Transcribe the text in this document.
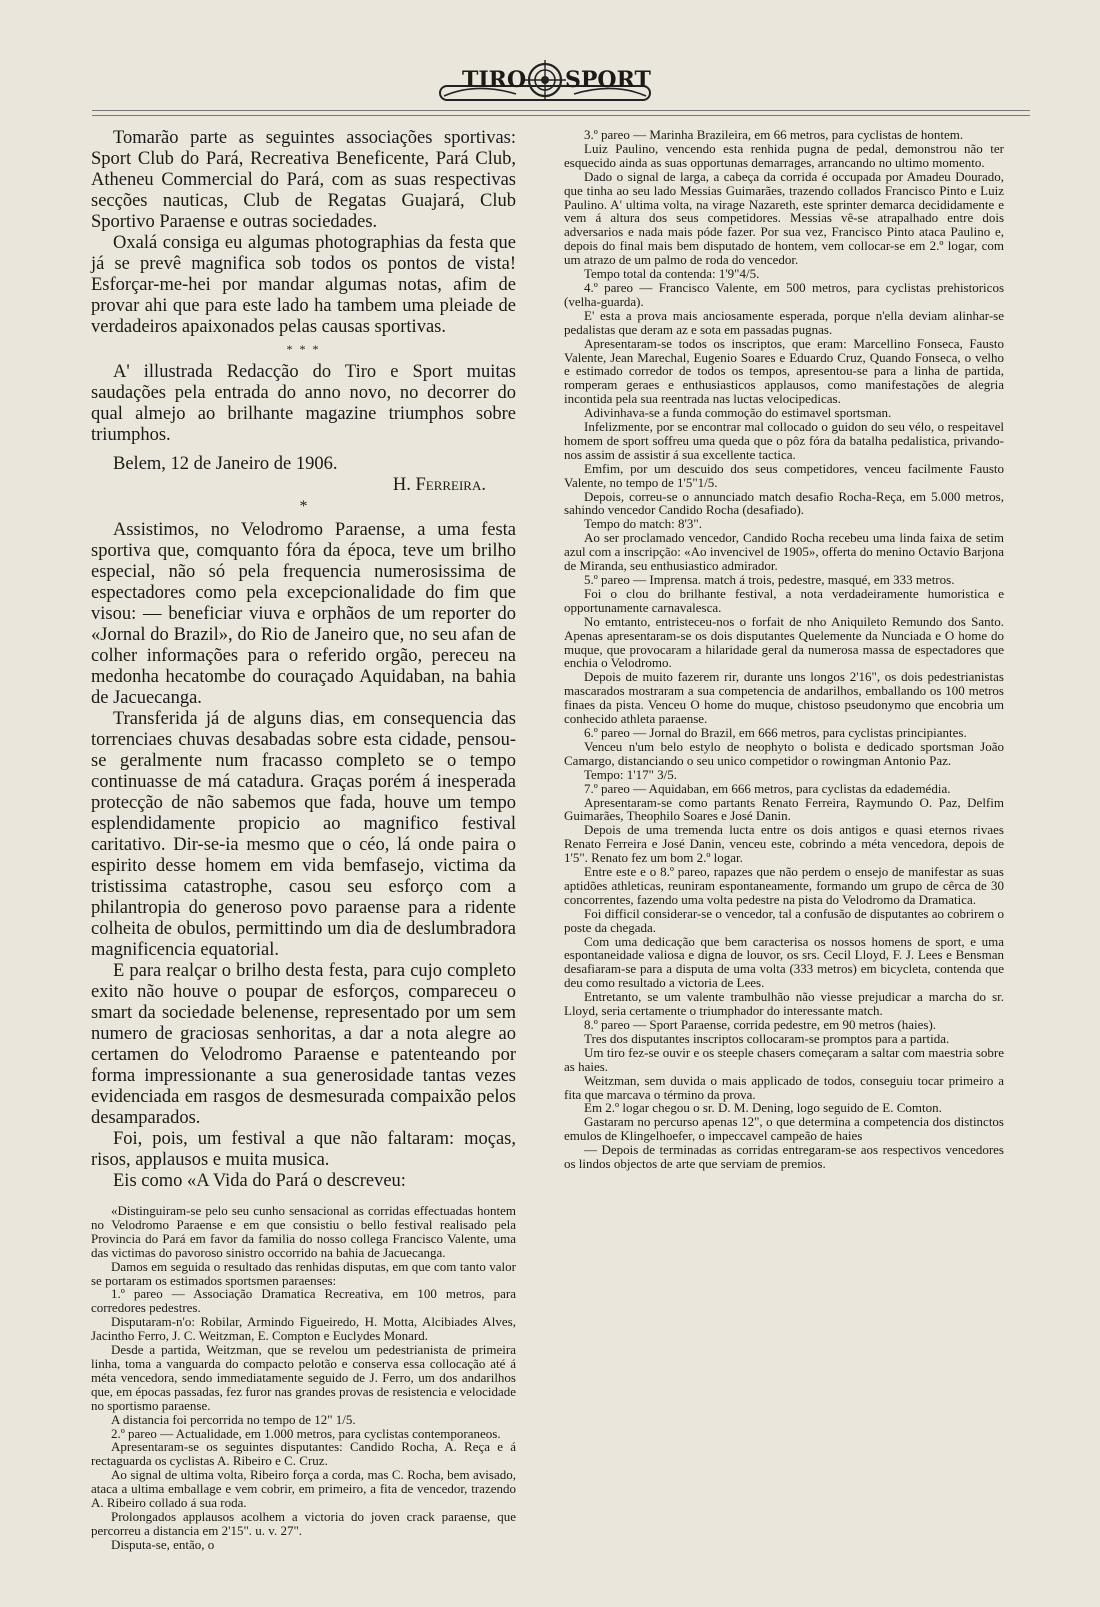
TIRO SPORT

Tomarão parte as seguintes associações sportivas: Sport Club do Pará, Recreativa Beneficente, Pará Club, Atheneu Commercial do Pará, com as suas respectivas secções nauticas, Club de Regatas Guajará, Club Sportivo Paraense e outras sociedades.

Oxalá consiga eu algumas photographias da festa que já se prevê magnifica sob todos os pontos de vista! Esforçar-me-hei por mandar algumas notas, afim de provar ahi que para este lado ha tambem uma pleiade de verdadeiros apaixonados pelas causas sportivas.

* * *

A' illustrada Redacção do Tiro e Sport muitas saudações pela entrada do anno novo, no decorrer do qual almejo ao brilhante magazine triumphos sobre triumphos.

Belem, 12 de Janeiro de 1906.

H. Ferreira.

*

Assistimos, no Velodromo Paraense, a uma festa sportiva que, comquanto fóra da época, teve um brilho especial, não só pela frequencia numerosissima de espectadores como pela excepcionalidade do fim que visou: — beneficiar viuva e orphãos de um reporter do «Jornal do Brazil», do Rio de Janeiro que, no seu afan de colher informações para o referido orgão, pereceu na medonha hecatombe do couraçado Aquidaban, na bahia de Jacuecanga.

Transferida já de alguns dias, em consequencia das torrenciaes chuvas desabadas sobre esta cidade, pensou-se geralmente num fracasso completo se o tempo continuasse de má catadura. Graças porém á inesperada protecção de não sabemos que fada, houve um tempo esplendidamente propicio ao magnifico festival caritativo. Dir-se-ia mesmo que o céo, lá onde paira o espirito desse homem em vida bemfasejo, victima da tristissima catastrophe, casou seu esforço com a philantropia do generoso povo paraense para a ridente colheita de obulos, permittindo um dia de deslumbradora magnificencia equatorial.

E para realçar o brilho desta festa, para cujo completo exito não houve o poupar de esforços, compareceu o smart da sociedade belenense, representado por um sem numero de graciosas senhoritas, a dar a nota alegre ao certamen do Velodromo Paraense e patenteando por forma impressionante a sua generosidade tantas vezes evidenciada em rasgos de desmesurada compaixão pelos desamparados.

Foi, pois, um festival a que não faltaram: moças, risos, applausos e muita musica.

Eis como «A Vida do Pará o descreveu:

«Distinguiram-se pelo seu cunho sensacional as corridas effectuadas hontem no Velodromo Paraense e em que consistiu o bello festival realisado pela Provincia do Pará em favor da familia do nosso collega Francisco Valente, uma das victimas do pavoroso sinistro occorrido na bahia de Jacuecanga.

Damos em seguida o resultado das renhidas disputas, em que com tanto valor se portaram os estimados sportsmen paraenses:

1.º pareo — Associação Dramatica Recreativa, em 100 metros, para corredores pedestres.

Disputaram-n'o: Robilar, Armindo Figueiredo, H. Motta, Alcibiades Alves, Jacintho Ferro, J. C. Weitzman, E. Compton e Euclydes Monard.

Desde a partida, Weitzman, que se revelou um pedestrianista de primeira linha, toma a vanguarda do compacto pelotão e conserva essa collocação até á méta vencedora, sendo immediatamente seguido de J. Ferro, um dos andarilhos que, em épocas passadas, fez furor nas grandes provas de resistencia e velocidade no sportismo paraense.

A distancia foi percorrida no tempo de 12" 1/5.

2.º pareo — Actualidade, em 1.000 metros, para cyclistas contemporaneos.

Apresentaram-se os seguintes disputantes: Candido Rocha, A. Reça e á rectaguarda os cyclistas A. Ribeiro e C. Cruz.

Ao signal de ultima volta, Ribeiro força a corda, mas C. Rocha, bem avisado, ataca a ultima emballage e vem cobrir, em primeiro, a fita de vencedor, trazendo A. Ribeiro collado á sua roda.

Prolongados applausos acolhem a victoria do joven crack paraense, que percorreu a distancia em 2'15". u. v. 27".

Disputa-se, então, o

3.º pareo — Marinha Brazileira, em 66 metros, para cyclistas de hontem.

Luiz Paulino, vencendo esta renhida pugna de pedal, demonstrou não ter esquecido ainda as suas opportunas demarrages, arrancando no ultimo momento.

Dado o signal de larga, a cabeça da corrida é occupada por Amadeu Dourado, que tinha ao seu lado Messias Guimarães, trazendo collados Francisco Pinto e Luiz Paulino. A' ultima volta, na virage Nazareth, este sprinter demarca decididamente e vem á altura dos seus competidores. Messias vê-se atrapalhado entre dois adversarios e nada mais póde fazer. Por sua vez, Francisco Pinto ataca Paulino e, depois do final mais bem disputado de hontem, vem collocar-se em 2.º logar, com um atrazo de um palmo de roda do vencedor.

Tempo total da contenda: 1'9"4/5.

4.º pareo — Francisco Valente, em 500 metros, para cyclistas prehistoricos (velha-guarda).

E' esta a prova mais anciosamente esperada, porque n'ella deviam alinhar-se pedalistas que deram az e sota em passadas pugnas.

Apresentaram-se todos os inscriptos, que eram: Marcellino Fonseca, Fausto Valente, Jean Marechal, Eugenio Soares e Eduardo Cruz, Quando Fonseca, o velho e estimado corredor de todos os tempos, apresentou-se para a linha de partida, romperam geraes e enthusiasticos applausos, como manifestações de alegria incontida pela sua reentrada nas luctas velocipedicas.

Adivinhava-se a funda commoção do estimavel sportsman.

Infelizmente, por se encontrar mal collocado o guidon do seu vélo, o respeitavel homem de sport soffreu uma queda que o pôz fóra da batalha pedalistica, privando-nos assim de assistir á sua excellente tactica.

Emfim, por um descuido dos seus competidores, venceu facilmente Fausto Valente, no tempo de 1'5"1/5.

Depois, correu-se o annunciado match desafio Rocha-Reça, em 5.000 metros, sahindo vencedor Candido Rocha (desafiado).

Tempo do match: 8'3".

Ao ser proclamado vencedor, Candido Rocha recebeu uma linda faixa de setim azul com a inscripção: «Ao invencivel de 1905», offerta do menino Octavio Barjona de Miranda, seu enthusiastico admirador.

5.º pareo — Imprensa. match á trois, pedestre, masqué, em 333 metros.

Foi o clou do brilhante festival, a nota verdadeiramente humoristica e opportunamente carnavalesca.

No emtanto, entristeceu-nos o forfait de nho Aniquileto Remundo dos Santo. Apenas apresentaram-se os dois disputantes Quelemente da Nunciada e O home do muque, que provocaram a hilaridade geral da numerosa massa de espectadores que enchia o Velodromo.

Depois de muito fazerem rir, durante uns longos 2'16", os dois pedestrianistas mascarados mostraram a sua competencia de andarilhos, emballando os 100 metros finaes da pista. Venceu O home do muque, chistoso pseudonymo que encobria um conhecido athleta paraense.

6.º pareo — Jornal do Brazil, em 666 metros, para cyclistas principiantes.

Venceu n'um belo estylo de neophyto o bolista e dedicado sportsman João Camargo, distanciando o seu unico competidor o rowingman Antonio Paz.

Tempo: 1'17" 3/5.

7.º pareo — Aquidaban, em 666 metros, para cyclistas da edademédia.

Apresentaram-se como partants Renato Ferreira, Raymundo O. Paz, Delfim Guimarães, Theophilo Soares e José Danin.

Depois de uma tremenda lucta entre os dois antigos e quasi eternos rivaes Renato Ferreira e José Danin, venceu este, cobrindo a méta vencedora, depois de 1'5". Renato fez um bom 2.º logar.

Entre este e o 8.º pareo, rapazes que não perdem o ensejo de manifestar as suas aptidões athleticas, reuniram espontaneamente, formando um grupo de cêrca de 30 concorrentes, fazendo uma volta pedestre na pista do Velodromo da Dramatica.

Foi difficil considerar-se o vencedor, tal a confusão de disputantes ao cobrirem o poste da chegada.

Com uma dedicação que bem caracterisa os nossos homens de sport, e uma espontaneidade valiosa e digna de louvor, os srs. Cecil Lloyd, F. J. Lees e Bensman desafiaram-se para a disputa de uma volta (333 metros) em bicycleta, contenda que deu como resultado a victoria de Lees.

Entretanto, se um valente trambulhão não viesse prejudicar a marcha do sr. Lloyd, seria certamente o triumphador do interessante match.

8.º pareo — Sport Paraense, corrida pedestre, em 90 metros (haies).

Tres dos disputantes inscriptos collocaram-se promptos para a partida.

Um tiro fez-se ouvir e os steeple chasers começaram a saltar com maestria sobre as haies.

Weitzman, sem duvida o mais applicado de todos, conseguiu tocar primeiro a fita que marcava o término da prova.

Em 2.º logar chegou o sr. D. M. Dening, logo seguido de E. Comton.

Gastaram no percurso apenas 12", o que determina a competencia dos distinctos emulos de Klingelhoefer, o impeccavel campeão de haies

— Depois de terminadas as corridas entregaram-se aos respectivos vencedores os lindos objectos de arte que serviam de premios.
